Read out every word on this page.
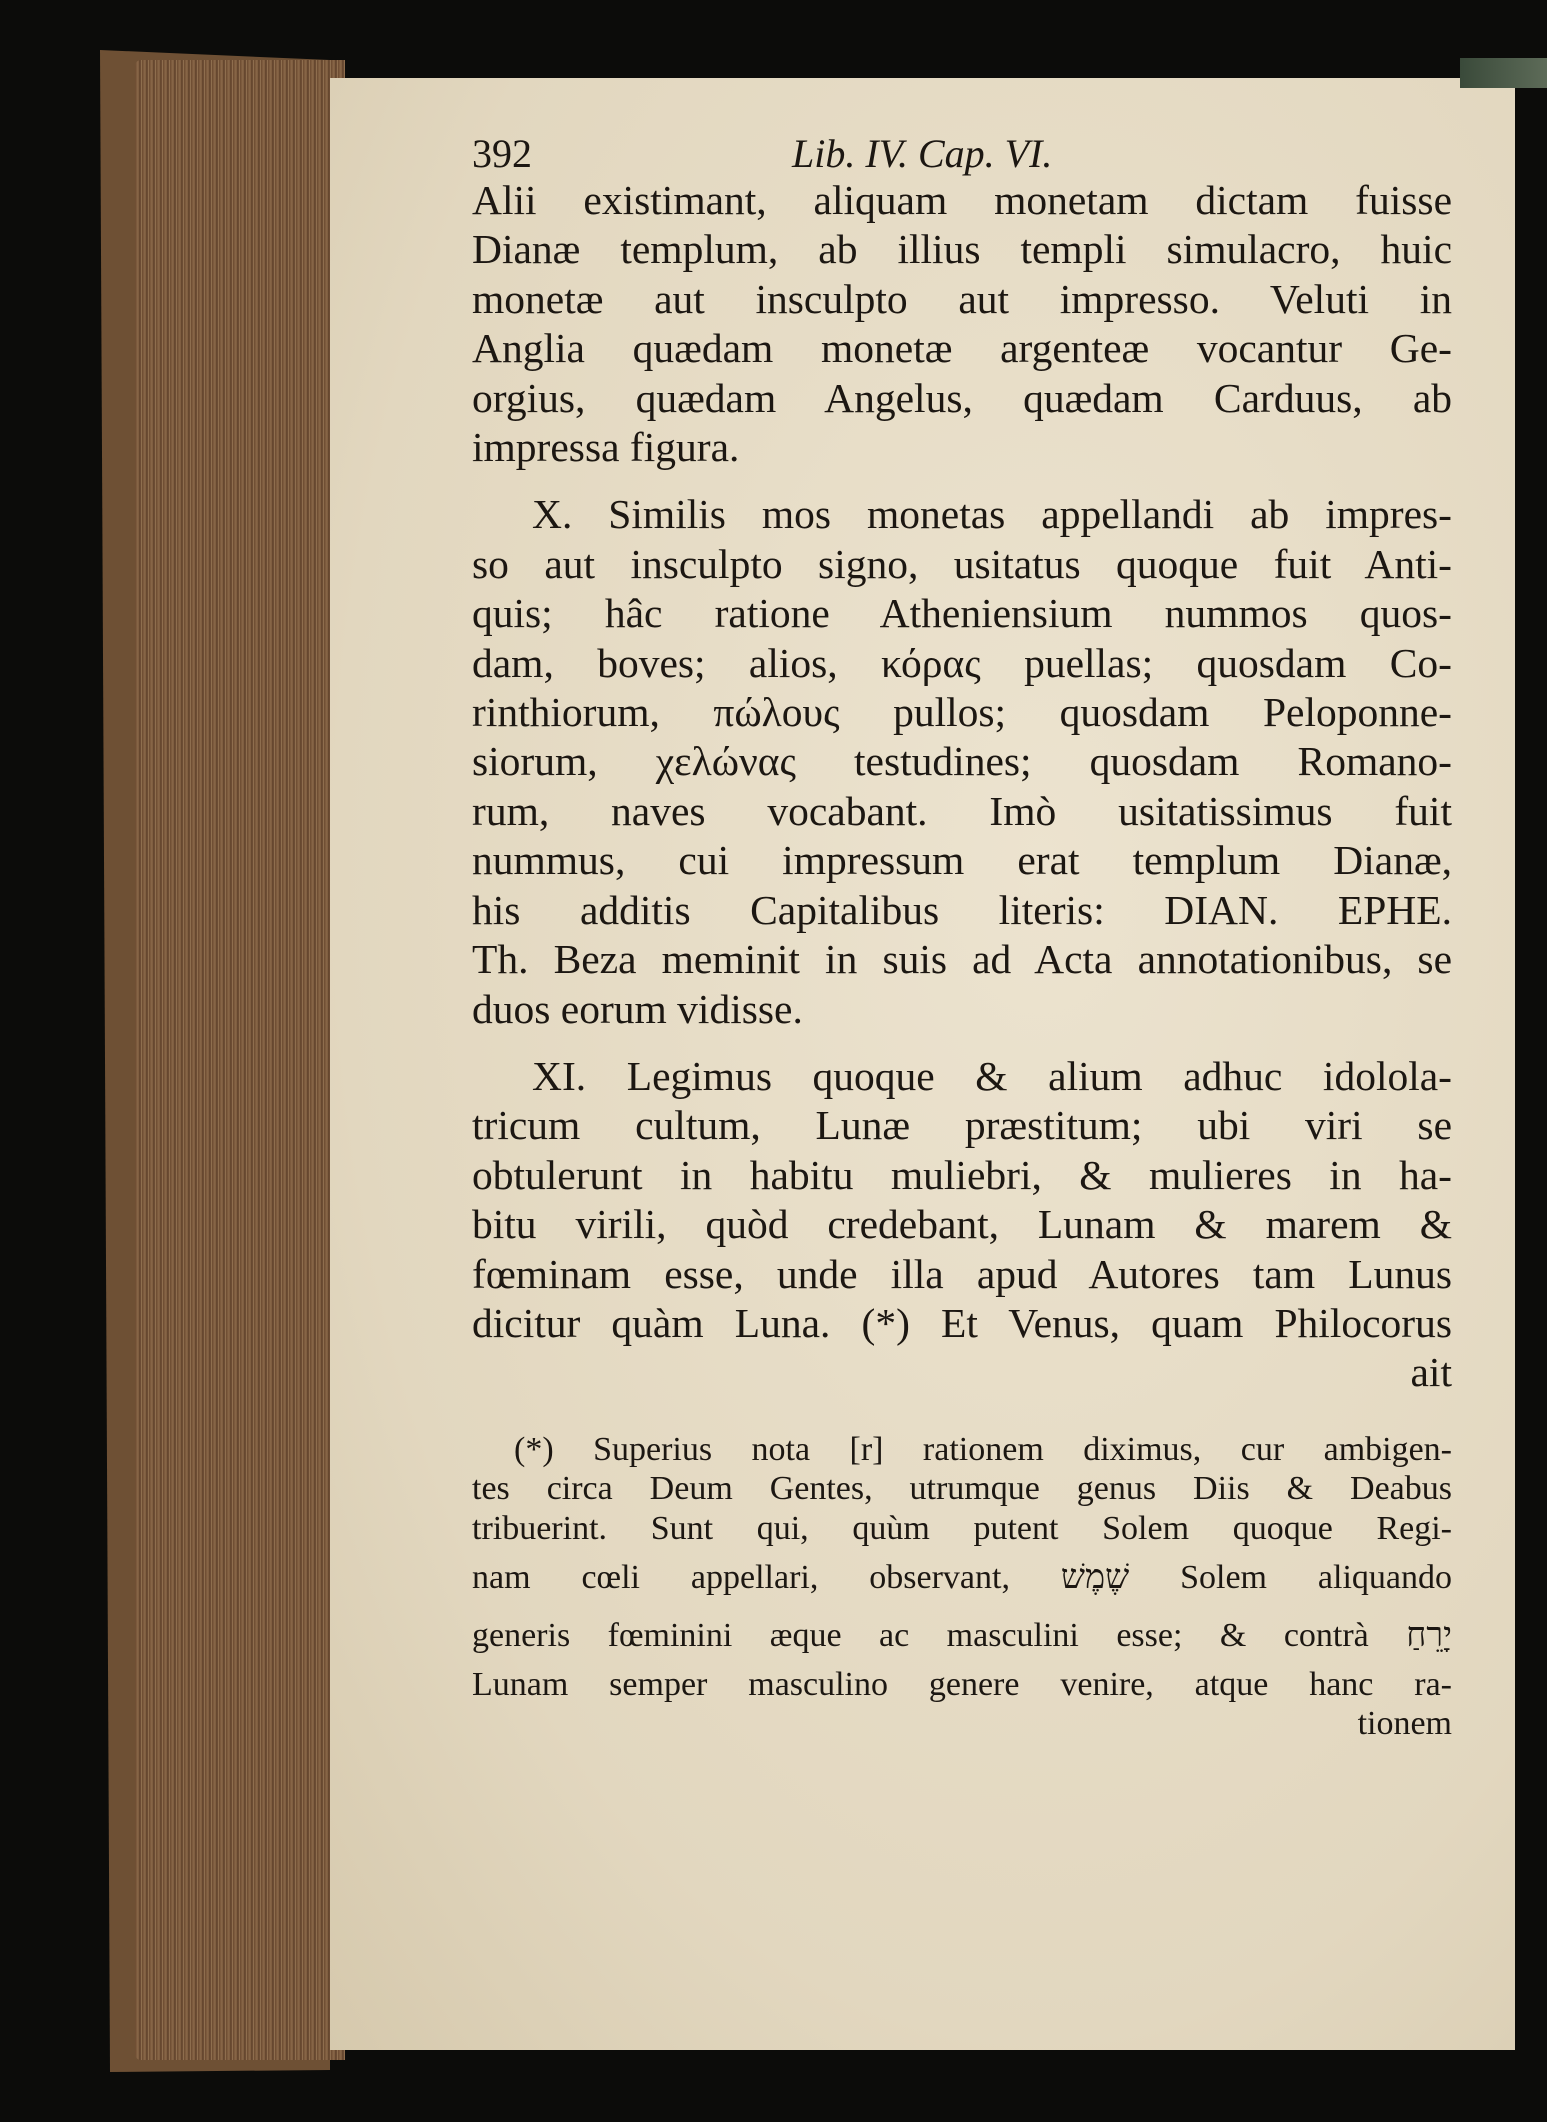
392	Lib. IV. Cap. VI.
Alii existimant, aliquam monetam dictam fuisse
Dianæ templum, ab illius templi simulacro, huic
monetæ aut insculpto aut impresso. Veluti in
Anglia quædam monetæ argenteæ vocantur Ge-
orgius, quædam Angelus, quædam Carduus, ab
impressa figura.
X. Similis mos monetas appellandi ab impres-
so aut insculpto signo, usitatus quoque fuit Anti-
quis; hâc ratione Atheniensium nummos quos-
dam, boves; alios, κόρας puellas; quosdam Co-
rinthiorum, πώλους pullos; quosdam Peloponne-
siorum, χελώνας testudines; quosdam Romano-
rum, naves vocabant. Imò usitatissimus fuit
nummus, cui impressum erat templum Dianæ,
his additis Capitalibus literis: DIAN. EPHE.
Th. Beza meminit in suis ad Acta annotationibus, se
duos eorum vidisse.
XI. Legimus quoque & alium adhuc idolola-
tricum cultum, Lunæ præstitum; ubi viri se
obtulerunt in habitu muliebri, & mulieres in ha-
bitu virili, quòd credebant, Lunam & marem &
fœminam esse, unde illa apud Autores tam Lunus
dicitur quàm Luna. (*) Et Venus, quam Philocorus
ait
(*) Superius nota [r] rationem diximus, cur ambigen-
tes circa Deum Gentes, utrumque genus Diis & Deabus
tribuerint. Sunt qui, quùm putent Solem quoque Regi-
nam cœli appellari, observant, שֶׁמֶשׁ Solem aliquando
generis fœminini æque ac masculini esse; & contrà יָרֵחַ
Lunam semper masculino genere venire, atque hanc ra-
tionem
